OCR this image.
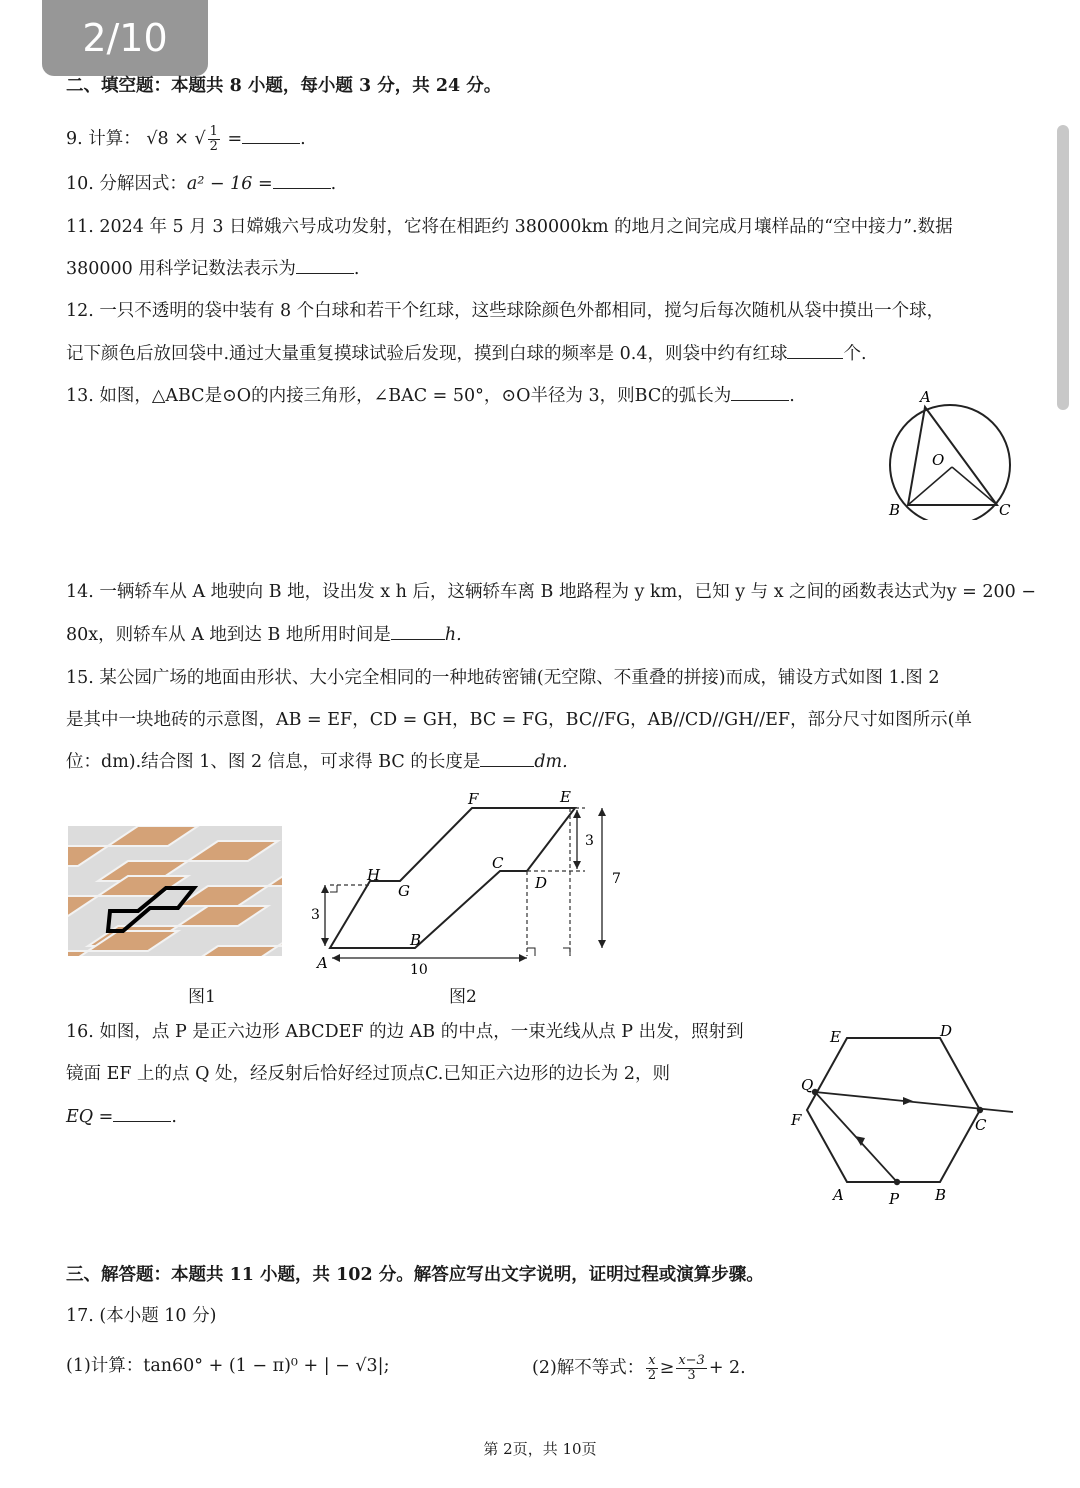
2/10
二、填空题：本题共 8 小题，每小题 3 分，共 24 分。
9. 计算： √8 × √ $\frac{1}{2}$ =	.
10. 分解因式：a² − 16 =	.
11. 2024 年 5 月 3 日嫦娥六号成功发射，它将在相距约 380000km 的地月之间完成月壤样品的“空中接力”.数据
380000 用科学记数法表示为	.
12. 一只不透明的袋中装有 8 个白球和若干个红球，这些球除颜色外都相同，搅匀后每次随机从袋中摸出一个球，
记下颜色后放回袋中.通过大量重复摸球试验后发现，摸到白球的频率是 0.4，则袋中约有红球	个.
13. 如图，△ABC是⊙O的内接三角形，∠BAC = 50°，⊙O半径为 3，则BC的弧长为	.	A
O
B	C
14. 一辆轿车从 A 地驶向 B 地，设出发 x h 后，这辆轿车离 B 地路程为 y km，已知 y 与 x 之间的函数表达式为y = 200 −
80x，则轿车从 A 地到达 B 地所用时间是	h.
15. 某公园广场的地面由形状、大小完全相同的一种地砖密铺(无空隙、不重叠的拼接)而成，铺设方式如图 1.图 2
是其中一块地砖的示意图，AB = EF，CD = GH，BC = FG，BC//FG，AB//CD//GH//EF，部分尺寸如图所示(单
位：dm).结合图 1、图 2 信息，可求得 BC 的长度是	dm.
图1
F	E
C
D
H
G
B
A
3
7
3
10
图2
16. 如图，点 P 是正六边形 ABCDEF 的边 AB 的中点，一束光线从点 P 出发，照射到
镜面 EF 上的点 Q 处，经反射后恰好经过顶点C.已知正六边形的边长为 2，则
EQ =	.
E	D
Q
F	C
A	P B
三、解答题：本题共 11 小题，共 102 分。解答应写出文字说明，证明过程或演算步骤。
17. (本小题 10 分)
(1)计算：tan60° + (1 − π)⁰ + | − √3|;	(2)解不等式： $\frac{x}{2} \ge \frac{x-3}{3} + 2$.
第 2页，共 10页
